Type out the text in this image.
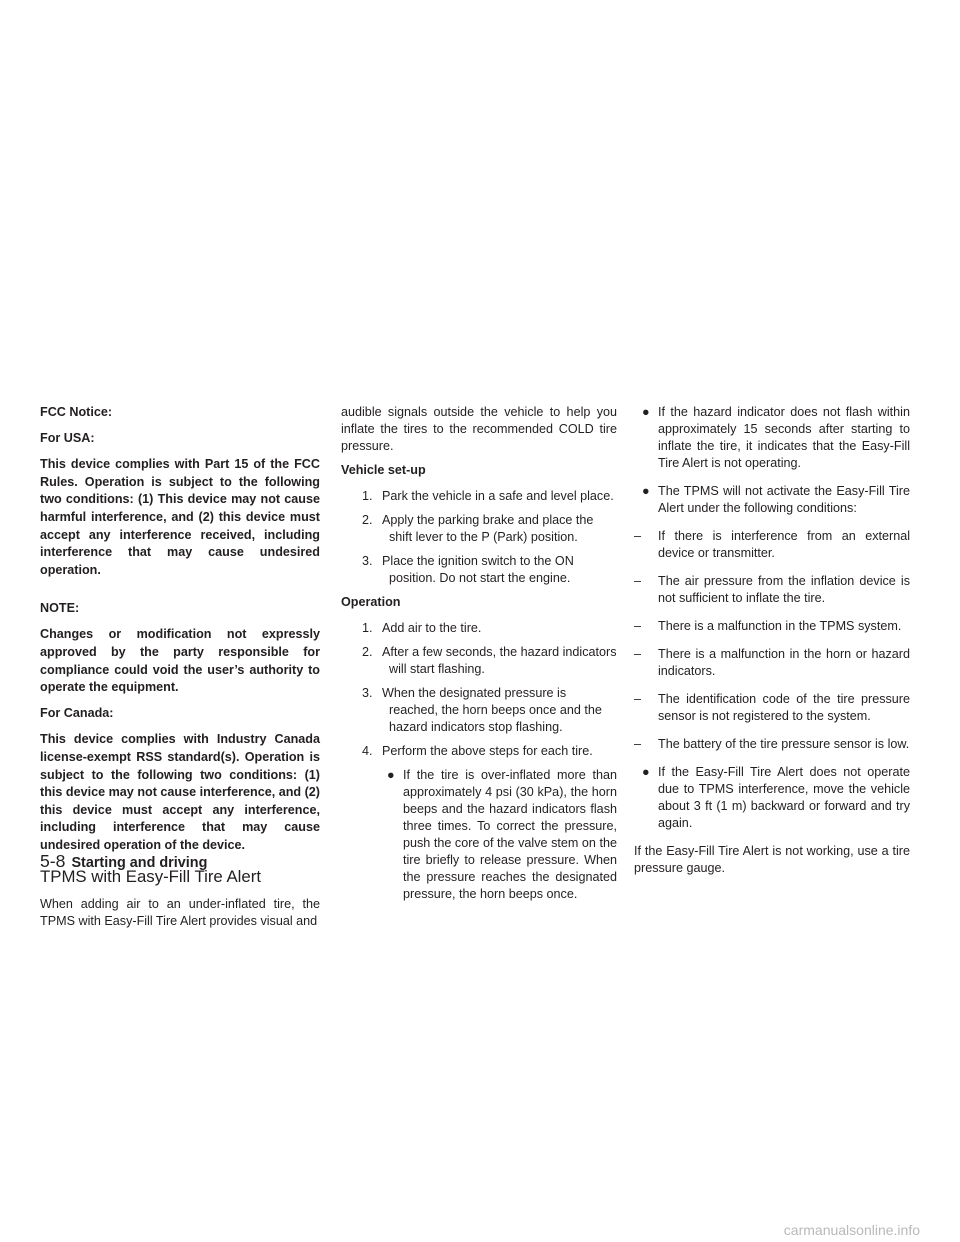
FCC Notice:
For USA:
This device complies with Part 15 of the FCC Rules. Operation is subject to the following two conditions: (1) This device may not cause harmful interference, and (2) this device must accept any interference received, including interference that may cause undesired operation.
NOTE:
Changes or modification not expressly approved by the party responsible for compliance could void the user’s authority to operate the equipment.
For Canada:
This device complies with Industry Canada license-exempt RSS standard(s). Operation is subject to the following two conditions: (1) this device may not cause interference, and (2) this device must accept any interference, including interference that may cause undesired operation of the device.
TPMS with Easy-Fill Tire Alert

When adding air to an under-inflated tire, the TPMS with Easy-Fill Tire Alert provides visual and

audible signals outside the vehicle to help you inflate the tires to the recommended COLD tire pressure.

Vehicle set-up
1. Park the vehicle in a safe and level place.
2. Apply the parking brake and place the shift lever to the P (Park) position.
3. Place the ignition switch to the ON position. Do not start the engine.
Operation
1. Add air to the tire.
2. After a few seconds, the hazard indicators will start flashing.
3. When the designated pressure is reached, the horn beeps once and the hazard indicators stop flashing.
4. Perform the above steps for each tire.
● If the tire is over-inflated more than approximately 4 psi (30 kPa), the horn beeps and the hazard indicators flash three times. To correct the pressure, push the core of the valve stem on the tire briefly to release pressure. When the pressure reaches the designated pressure, the horn beeps once.
● If the hazard indicator does not flash within approximately 15 seconds after starting to inflate the tire, it indicates that the Easy-Fill Tire Alert is not operating.
● The TPMS will not activate the Easy-Fill Tire Alert under the following conditions:
– If there is interference from an external device or transmitter.
– The air pressure from the inflation device is not sufficient to inflate the tire.
– There is a malfunction in the TPMS system.
– There is a malfunction in the horn or hazard indicators.
– The identification code of the tire pressure sensor is not registered to the system.
– The battery of the tire pressure sensor is low.
● If the Easy-Fill Tire Alert does not operate due to TPMS interference, move the vehicle about 3 ft (1 m) backward or forward and try again.

If the Easy-Fill Tire Alert is not working, use a tire pressure gauge.

5-8 Starting and driving
carmanualsonline.info
